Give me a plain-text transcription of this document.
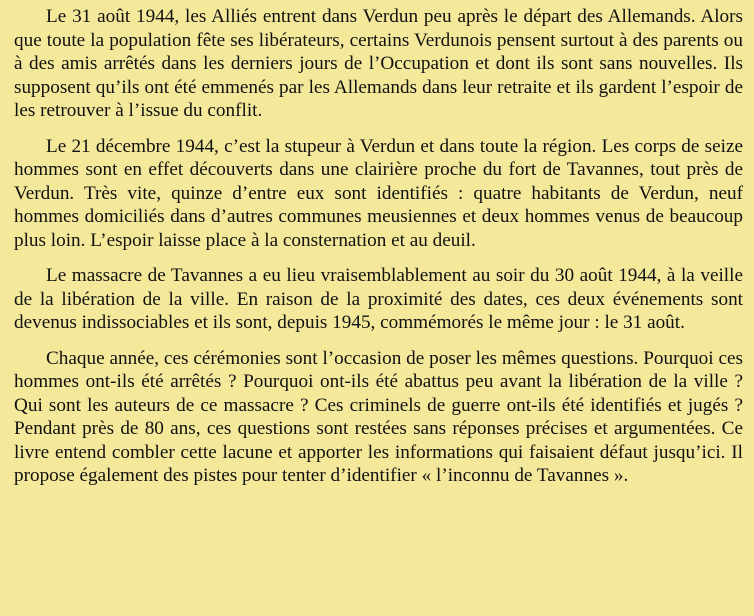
Le 31 août 1944, les Alliés entrent dans Verdun peu après le départ des Allemands. Alors que toute la population fête ses libérateurs, certains Verdunois pensent surtout à des parents ou à des amis arrêtés dans les derniers jours de l’Occupation et dont ils sont sans nouvelles. Ils supposent qu’ils ont été emmenés par les Allemands dans leur retraite et ils gardent l’espoir de les retrouver à l’issue du conflit.

Le 21 décembre 1944, c’est la stupeur à Verdun et dans toute la région. Les corps de seize hommes sont en effet découverts dans une clairière proche du fort de Tavannes, tout près de Verdun. Très vite, quinze d’entre eux sont identifiés : quatre habitants de Verdun, neuf hommes domiciliés dans d’autres communes meusiennes et deux hommes venus de beaucoup plus loin. L’espoir laisse place à la consternation et au deuil.

Le massacre de Tavannes a eu lieu vraisemblablement au soir du 30 août 1944, à la veille de la libération de la ville. En raison de la proximité des dates, ces deux événements sont devenus indissociables et ils sont, depuis 1945, commémorés le même jour : le 31 août.

Chaque année, ces cérémonies sont l’occasion de poser les mêmes questions. Pourquoi ces hommes ont-ils été arrêtés ? Pourquoi ont-ils été abattus peu avant la libération de la ville ? Qui sont les auteurs de ce massacre ? Ces criminels de guerre ont-ils été identifiés et jugés ? Pendant près de 80 ans, ces questions sont restées sans réponses précises et argumentées. Ce livre entend combler cette lacune et apporter les informations qui faisaient défaut jusqu’ici. Il propose également des pistes pour tenter d’identifier « l’inconnu de Tavannes ».
